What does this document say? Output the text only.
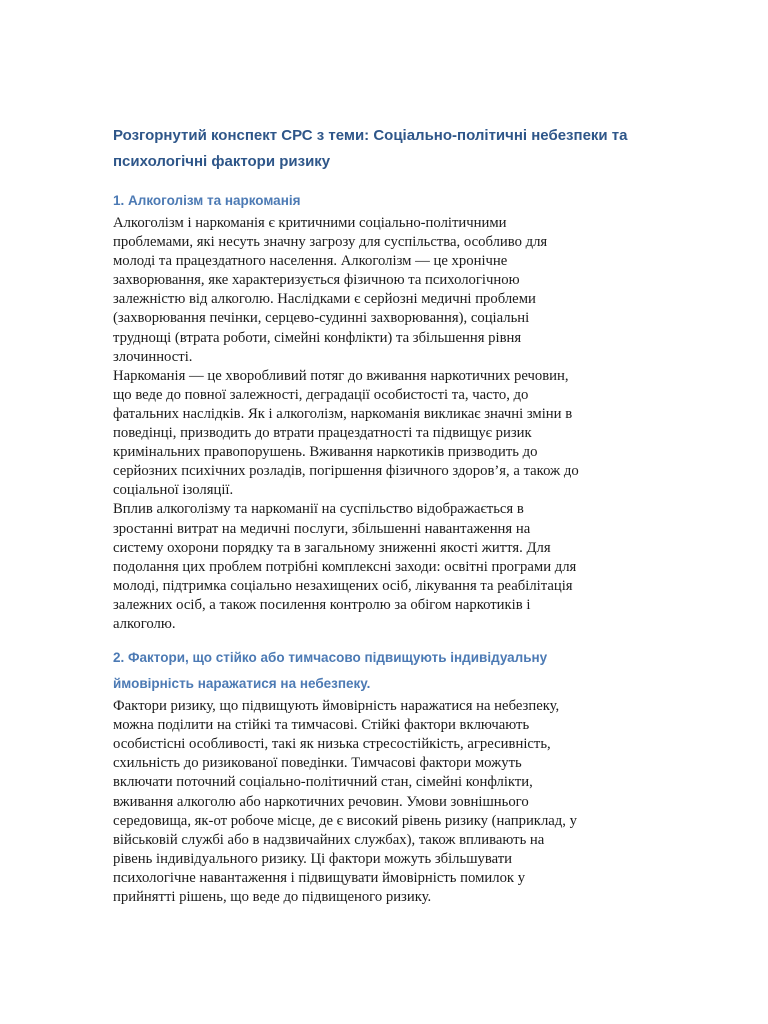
Розгорнутий конспект СРС з теми: Соціально-політичні небезпеки та
психологічні фактори ризику
1. Алкоголізм та наркоманія

Алкоголізм і наркоманія є критичними соціально-політичними
проблемами, які несуть значну загрозу для суспільства, особливо для
молоді та працездатного населення. Алкоголізм — це хронічне
захворювання, яке характеризується фізичною та психологічною
залежністю від алкоголю. Наслідками є серйозні медичні проблеми
(захворювання печінки, серцево-судинні захворювання), соціальні
труднощі (втрата роботи, сімейні конфлікти) та збільшення рівня
злочинності.

Наркоманія — це хворобливий потяг до вживання наркотичних речовин,
що веде до повної залежності, деградації особистості та, часто, до
фатальних наслідків. Як і алкоголізм, наркоманія викликає значні зміни в
поведінці, призводить до втрати працездатності та підвищує ризик
кримінальних правопорушень. Вживання наркотиків призводить до
серйозних психічних розладів, погіршення фізичного здоров’я, а також до
соціальної ізоляції.

Вплив алкоголізму та наркоманії на суспільство відображається в
зростанні витрат на медичні послуги, збільшенні навантаження на
систему охорони порядку та в загальному зниженні якості життя. Для
подолання цих проблем потрібні комплексні заходи: освітні програми для
молоді, підтримка соціально незахищених осіб, лікування та реабілітація
залежних осіб, а також посилення контролю за обігом наркотиків і
алкоголю.

2. Фактори, що стійко або тимчасово підвищують індивідуальну
ймовірність наражатися на небезпеку.

Фактори ризику, що підвищують ймовірність наражатися на небезпеку,
можна поділити на стійкі та тимчасові. Стійкі фактори включають
особистісні особливості, такі як низька стресостійкість, агресивність,
схильність до ризикованої поведінки. Тимчасові фактори можуть
включати поточний соціально-політичний стан, сімейні конфлікти,
вживання алкоголю або наркотичних речовин. Умови зовнішнього
середовища, як-от робоче місце, де є високий рівень ризику (наприклад, у
військовій службі або в надзвичайних службах), також впливають на
рівень індивідуального ризику. Ці фактори можуть збільшувати
психологічне навантаження і підвищувати ймовірність помилок у
прийнятті рішень, що веде до підвищеного ризику.
